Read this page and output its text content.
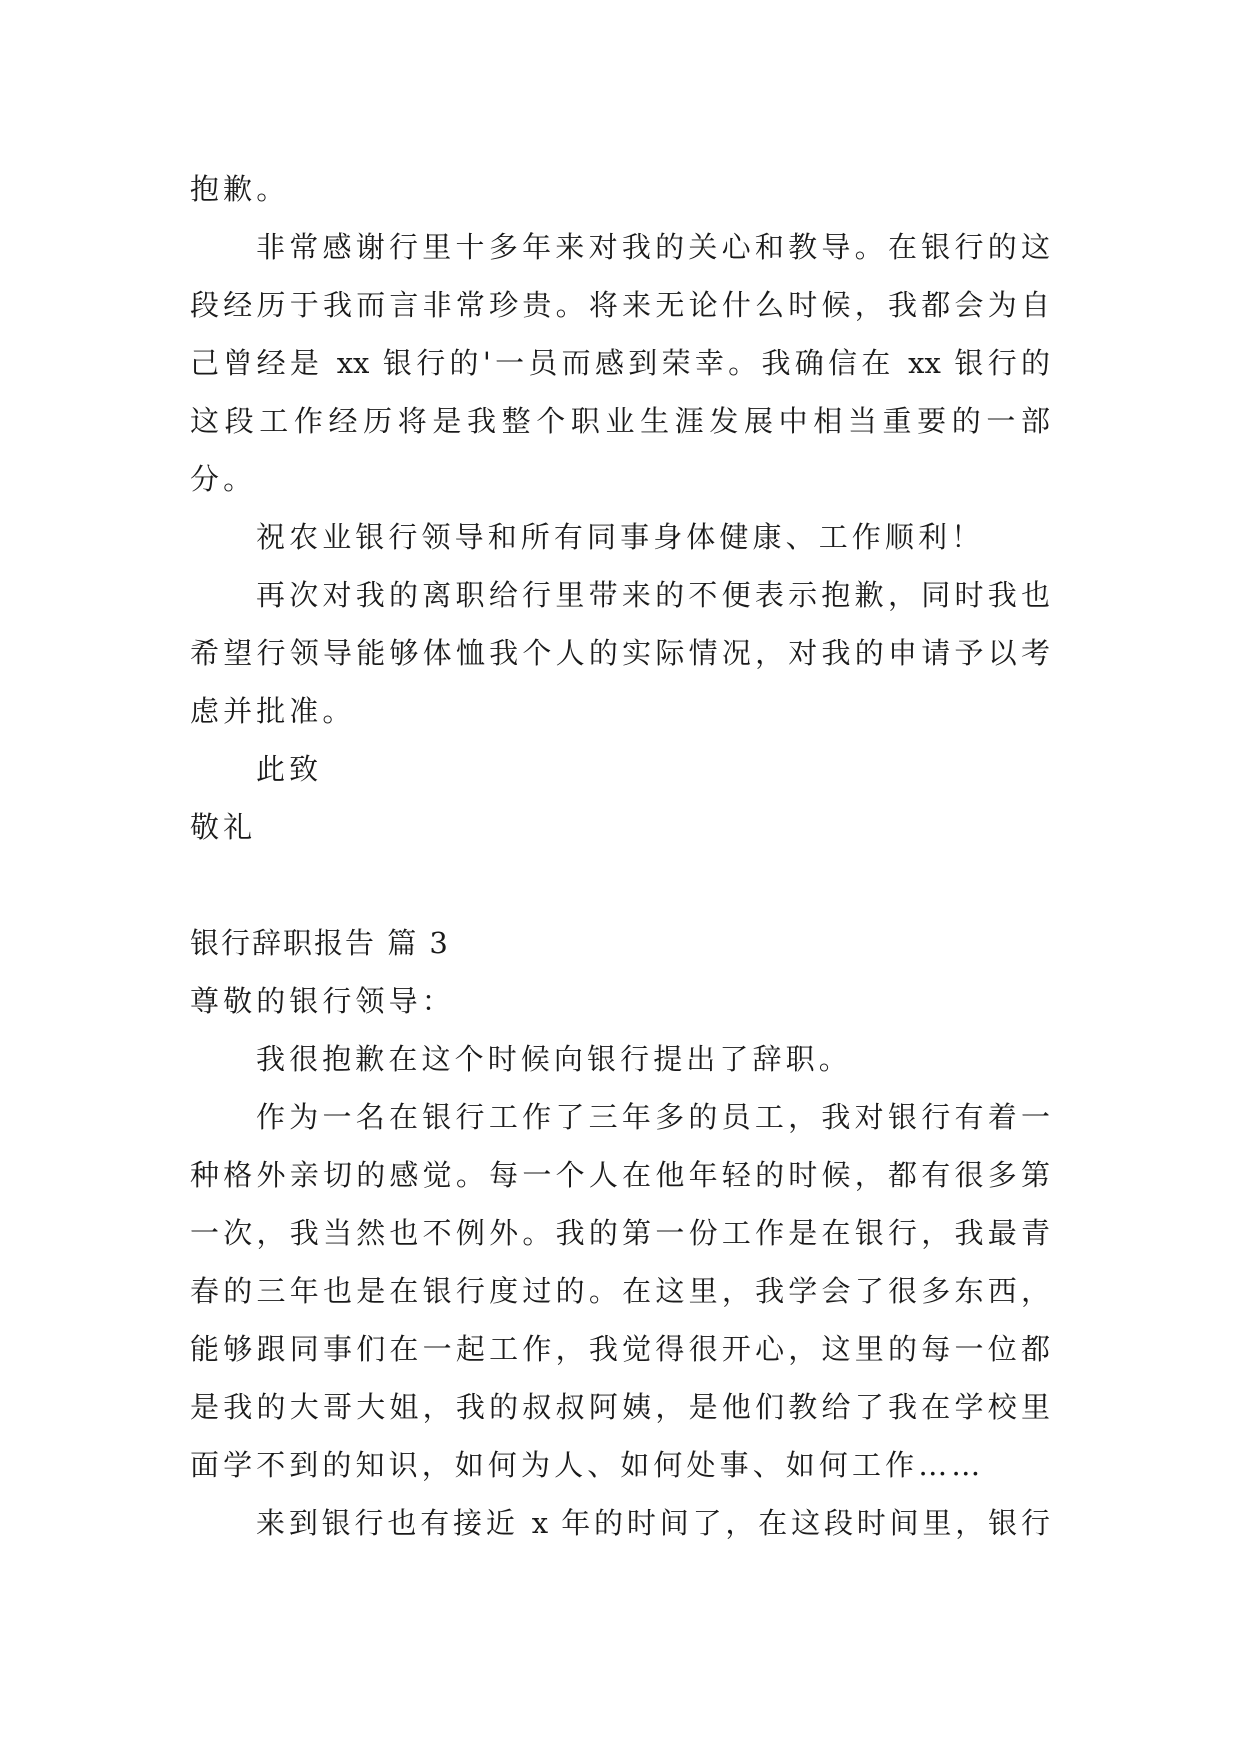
抱歉。
非常感谢行里十多年来对我的关心和教导。在银行的这
段经历于我而言非常珍贵。将来无论什么时候，我都会为自
己曾经是 xx 银行的'一员而感到荣幸。我确信在 xx 银行的
这段工作经历将是我整个职业生涯发展中相当重要的一部
分。
祝农业银行领导和所有同事身体健康、工作顺利！
再次对我的离职给行里带来的不便表示抱歉，同时我也
希望行领导能够体恤我个人的实际情况，对我的申请予以考
虑并批准。
此致
敬礼
银行辞职报告 篇 3
尊敬的银行领导：
我很抱歉在这个时候向银行提出了辞职。
作为一名在银行工作了三年多的员工，我对银行有着一
种格外亲切的感觉。每一个人在他年轻的时候，都有很多第
一次，我当然也不例外。我的第一份工作是在银行，我最青
春的三年也是在银行度过的。在这里，我学会了很多东西，
能够跟同事们在一起工作，我觉得很开心，这里的每一位都
是我的大哥大姐，我的叔叔阿姨，是他们教给了我在学校里
面学不到的知识，如何为人、如何处事、如何工作……
来到银行也有接近 x 年的时间了，在这段时间里，银行
